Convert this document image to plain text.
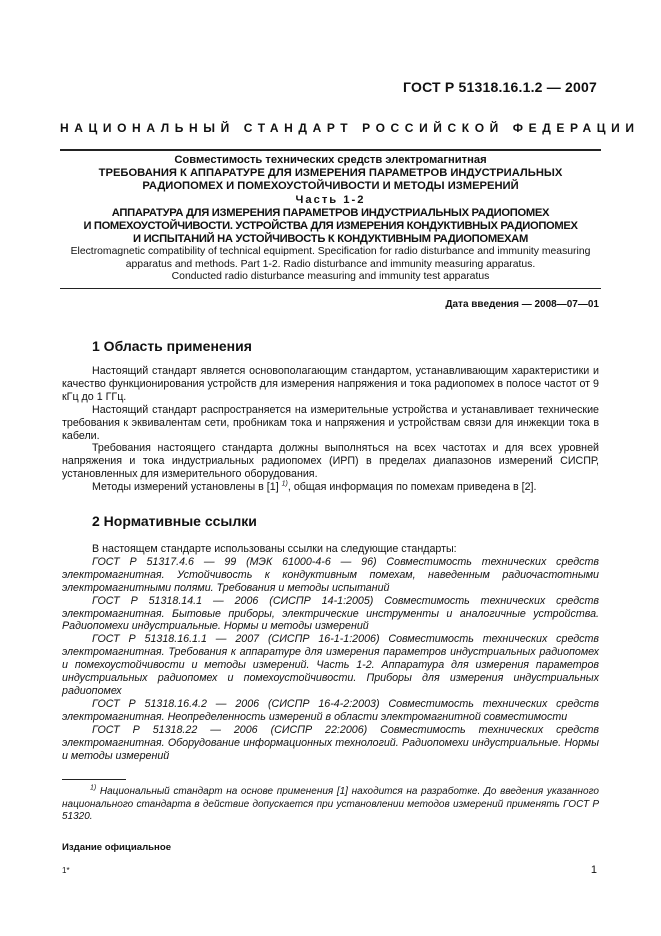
ГОСТ Р 51318.16.1.2 — 2007
НАЦИОНАЛЬНЫЙ СТАНДАРТ РОССИЙСКОЙ ФЕДЕРАЦИИ
Совместимость технических средств электромагнитная
ТРЕБОВАНИЯ К АППАРАТУРЕ ДЛЯ ИЗМЕРЕНИЯ ПАРАМЕТРОВ ИНДУСТРИАЛЬНЫХ
РАДИОПОМЕХ И ПОМЕХОУСТОЙЧИВОСТИ И МЕТОДЫ ИЗМЕРЕНИЙ
Часть 1-2
АППАРАТУРА ДЛЯ ИЗМЕРЕНИЯ ПАРАМЕТРОВ ИНДУСТРИАЛЬНЫХ РАДИОПОМЕХ
И ПОМЕХОУСТОЙЧИВОСТИ. УСТРОЙСТВА ДЛЯ ИЗМЕРЕНИЯ КОНДУКТИВНЫХ РАДИОПОМЕХ
И ИСПЫТАНИЙ НА УСТОЙЧИВОСТЬ К КОНДУКТИВНЫМ РАДИОПОМЕХАМ
Electromagnetic compatibility of technical equipment. Specification for radio disturbance and immunity measuring
apparatus and methods. Part 1-2. Radio disturbance and immunity measuring apparatus.
Conducted radio disturbance measuring and immunity test apparatus
Дата введения — 2008—07—01
1 Область применения

Настоящий стандарт является основополагающим стандартом, устанавливающим характеристики и качество функционирования устройств для измерения напряжения и тока радиопомех в полосе частот от 9 кГц до 1 ГГц.

Настоящий стандарт распространяется на измерительные устройства и устанавливает технические требования к эквивалентам сети, пробникам тока и напряжения и устройствам связи для инжекции тока в кабели.

Требования настоящего стандарта должны выполняться на всех частотах и для всех уровней напряжения и тока индустриальных радиопомех (ИРП) в пределах диапазонов измерений СИСПР, установленных для измерительного оборудования.

Методы измерений установлены в [1] $^{1)}$, общая информация по помехам приведена в [2].

2 Нормативные ссылки

В настоящем стандарте использованы ссылки на следующие стандарты:

ГОСТ Р 51317.4.6 — 99 (МЭК 61000-4-6 — 96) Совместимость технических средств электромагнитная. Устойчивость к кондуктивным помехам, наведенным радиочастотными электромагнитными полями. Требования и методы испытаний

ГОСТ Р 51318.14.1 — 2006 (СИСПР 14-1:2005) Совместимость технических средств электромагнитная. Бытовые приборы, электрические инструменты и аналогичные устройства. Радиопомехи индустриальные. Нормы и методы измерений

ГОСТ Р 51318.16.1.1 — 2007 (СИСПР 16-1-1:2006) Совместимость технических средств электромагнитная. Требования к аппаратуре для измерения параметров индустриальных радиопомех и помехоустойчивости и методы измерений. Часть 1-2. Аппаратура для измерения параметров индустриальных радиопомех и помехоустойчивости. Приборы для измерения индустриальных радиопомех

ГОСТ Р 51318.16.4.2 — 2006 (СИСПР 16-4-2:2003) Совместимость технических средств электромагнитная. Неопределенность измерений в области электромагнитной совместимости

ГОСТ Р 51318.22 — 2006 (СИСПР 22:2006) Совместимость технических средств электромагнитная. Оборудование информационных технологий. Радиопомехи индустриальные. Нормы и методы измерений

$^{1)}$ Национальный стандарт на основе применения [1] находится на разработке. До введения указанного национального стандарта в действие допускается при установлении методов измерений применять ГОСТ Р 51320.

Издание официальное
1*	1
